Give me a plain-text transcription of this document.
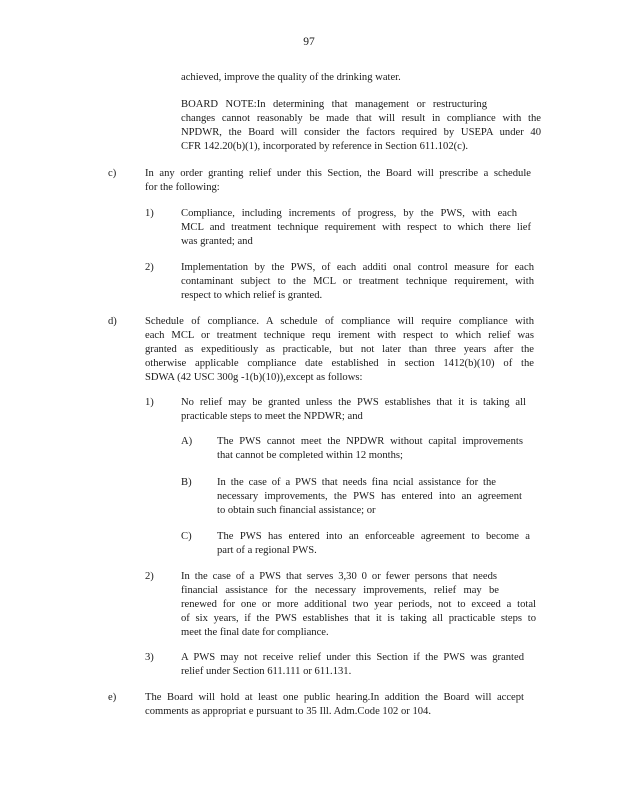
97
achieved, improve the quality of the drinking water.
BOARD NOTE:In determining that management or restructuring
changes cannot reasonably be made that will result in compliance with the
NPDWR, the Board will consider the factors required by USEPA under 40
CFR 142.20(b)(1), incorporated by reference in Section 611.102(c).
c)	In any order granting relief under this Section, the Board will prescribe a schedule
for the following:
1)	Compliance, including increments of progress, by the PWS, with each
MCL and treatment technique requirement with respect to which there lief
was granted; and
2)	Implementation by the PWS, of each additi onal control measure for each
contaminant subject to the MCL or treatment technique requirement, with
respect to which relief is granted.
d)	Schedule of compliance. A schedule of compliance will require compliance with
each MCL or treatment technique requ irement with respect to which relief was
granted as expeditiously as practicable, but not later than three years after the
otherwise applicable compliance date established in section 1412(b)(10) of the
SDWA (42 USC 300g -1(b)(10)),except as follows:
1)	No relief may be granted unless the PWS establishes that it is taking all
practicable steps to meet the NPDWR; and
A) The PWS cannot meet the NPDWR without capital improvements
that cannot be completed within 12 months;
B) In the case of a PWS that needs fina ncial assistance for the
necessary improvements, the PWS has entered into an agreement
to obtain such financial assistance; or
C) The PWS has entered into an enforceable agreement to become a
part of a regional PWS.
2)	In the case of a PWS that serves 3,30 0 or fewer persons that needs
financial assistance for the necessary improvements, relief may be
renewed for one or more additional two year periods, not to exceed a total
of six years, if the PWS establishes that it is taking all practicable steps to
meet the final date for compliance.
3)	A PWS may not receive relief under this Section if the PWS was granted
relief under Section 611.111 or 611.131.
e)	The Board will hold at least one public hearing.In addition the Board will accept
comments as appropriat e pursuant to 35 Ill. Adm.Code 102 or 104.
